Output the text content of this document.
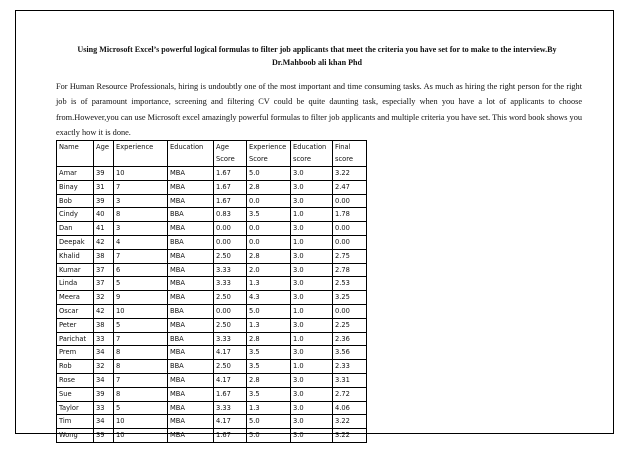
Using Microsoft Excel’s powerful logical formulas to filter job applicants that meet the criteria you have set for to make to the interview.By Dr.Mahboob ali khan Phd

For Human Resource Professionals, hiring is undoubtly one of the most important and time consuming tasks. As much as hiring the right person for the right job is of paramount importance, screening and filtering CV could be quite daunting task, especially when you have a lot of applicants to choose from.However,you can use Microsoft excel amazingly powerful formulas to filter job applicants and multiple criteria you have set. This word book shows you exactly how it is done.

Name	Age	Experience	Education	Age Score	Experience Score	Education score	Final score
Amar	39	10	MBA	1.67	5.0	3.0	3.22
Binay	31	7	MBA	1.67	2.8	3.0	2.47
Bob	39	3	MBA	1.67	0.0	3.0	0.00
Cindy	40	8	BBA	0.83	3.5	1.0	1.78
Dan	41	3	MBA	0.00	0.0	3.0	0.00
Deepak	42	4	BBA	0.00	0.0	1.0	0.00
Khalid	38	7	MBA	2.50	2.8	3.0	2.75
Kumar	37	6	MBA	3.33	2.0	3.0	2.78
Linda	37	5	MBA	3.33	1.3	3.0	2.53
Meera	32	9	MBA	2.50	4.3	3.0	3.25
Oscar	42	10	BBA	0.00	5.0	1.0	0.00
Peter	38	5	MBA	2.50	1.3	3.0	2.25
Parichat	33	7	BBA	3.33	2.8	1.0	2.36
Prem	34	8	MBA	4.17	3.5	3.0	3.56
Rob	32	8	BBA	2.50	3.5	1.0	2.33
Rose	34	7	MBA	4.17	2.8	3.0	3.31
Sue	39	8	MBA	1.67	3.5	3.0	2.72
Taylor	33	5	MBA	3.33	1.3	3.0	4.06
Tim	34	10	MBA	4.17	5.0	3.0	3.22
Wong	39	10	MBA	1.67	5.0	3.0	3.22
